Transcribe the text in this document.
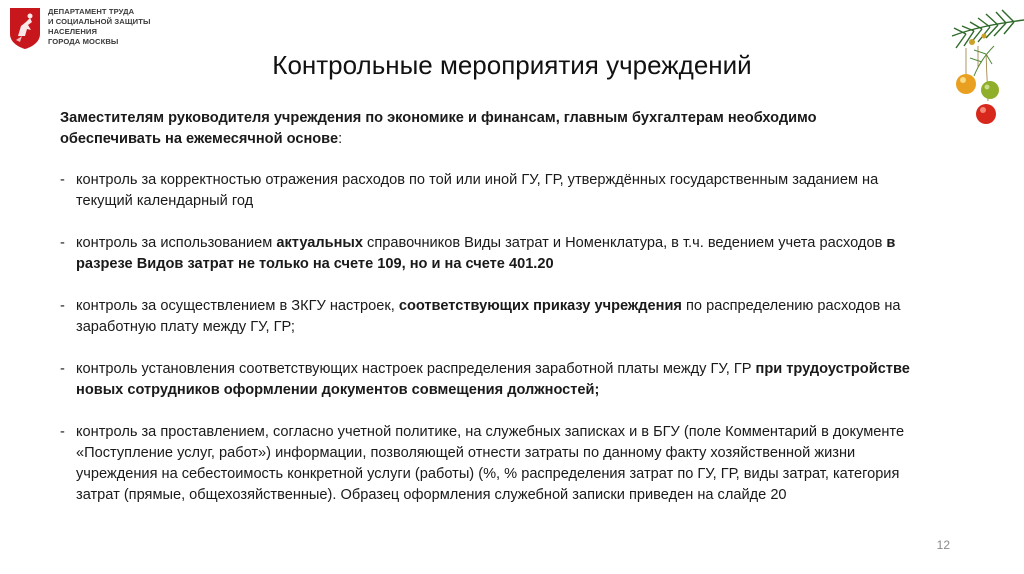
ДЕПАРТАМЕНТ ТРУДА
И СОЦИАЛЬНОЙ ЗАЩИТЫ
НАСЕЛЕНИЯ
ГОРОДА МОСКВЫ
Контрольные мероприятия учреждений
Заместителям руководителя учреждения по экономике и финансам, главным бухгалтерам необходимо обеспечивать на ежемесячной основе:
- контроль за корректностью отражения расходов по той или иной ГУ, ГР, утверждённых государственным заданием на текущий календарный год
- контроль за использованием актуальных справочников Виды затрат и Номенклатура, в т.ч. ведением учета расходов в разрезе Видов затрат не только на счете 109, но и на счете 401.20
- контроль за осуществлением в ЗКГУ настроек, соответствующих приказу учреждения по распределению расходов на заработную плату между ГУ, ГР;
- контроль установления соответствующих настроек распределения заработной платы между ГУ, ГР при трудоустройстве новых сотрудников оформлении документов совмещения должностей;
- контроль за проставлением, согласно учетной политике, на служебных записках и в БГУ (поле Комментарий в документе «Поступление услуг, работ») информации, позволяющей отнести затраты по данному факту хозяйственной жизни учреждения на себестоимость конкретной услуги (работы) (%, % распределения затрат по ГУ, ГР, виды затрат, категория затрат (прямые, общехозяйственные). Образец оформления служебной записки приведен на слайде 20
12
